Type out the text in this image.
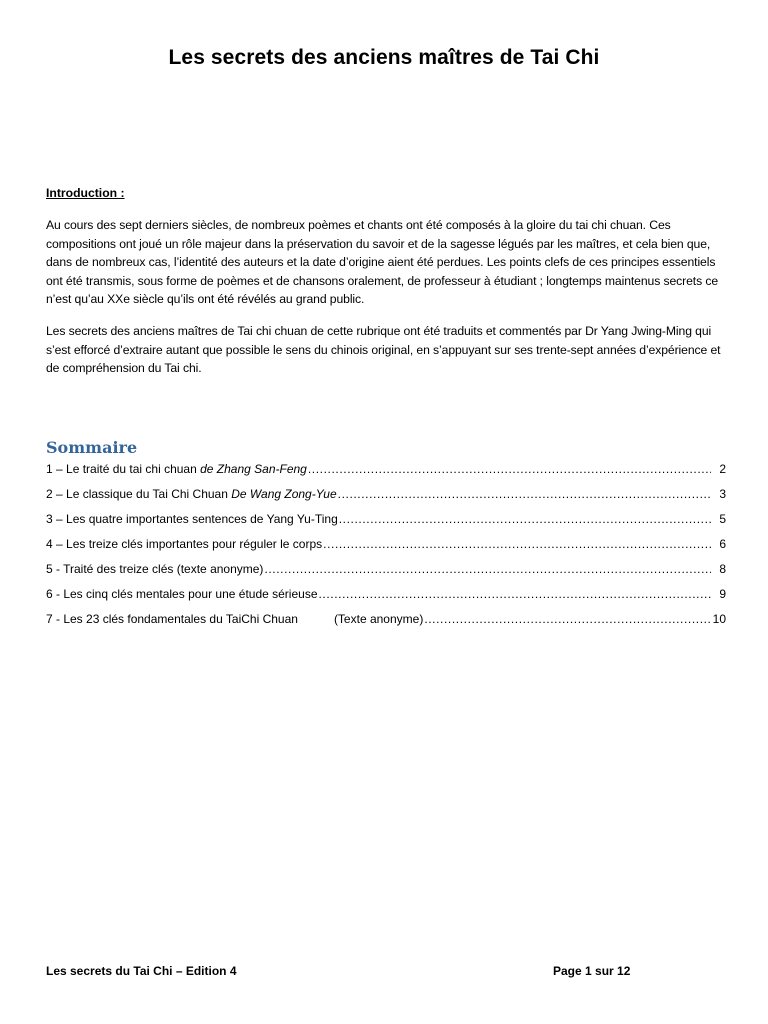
Les secrets des anciens maîtres de Tai Chi
Introduction :
Au cours des sept derniers siècles, de nombreux poèmes et chants ont été composés à la gloire du tai chi chuan. Ces compositions ont joué un rôle majeur dans la préservation du savoir et de la sagesse légués par les maîtres, et cela bien que, dans de nombreux cas, l’identité des auteurs et la date d’origine aient été perdues. Les points clefs de ces principes essentiels ont été transmis, sous forme de poèmes et de chansons oralement, de professeur à étudiant ; longtemps maintenus secrets ce n’est qu’au XXe siècle qu’ils ont été révélés au grand public.
Les secrets des anciens maîtres de Tai chi chuan de cette rubrique ont été traduits et commentés par Dr Yang Jwing-Ming qui s’est efforcé d’extraire autant que possible le sens du chinois original, en s’appuyant sur ses trente-sept années d’expérience et de compréhension du Tai chi.
Sommaire
1 – Le traité du tai chi chuan de Zhang San-Feng .....	2
2 – Le classique du Tai Chi Chuan De Wang Zong-Yue .....	3
3 – Les quatre importantes sentences de Yang Yu-Ting .....	5
4 – Les treize clés importantes pour réguler le corps .....	6
5 - Traité des treize clés (texte anonyme) .....	8
6 - Les cinq clés mentales pour une étude sérieuse .....	9
7 - Les 23 clés fondamentales du TaiChi Chuan	(Texte anonyme) .....	10
Les secrets du Tai Chi – Edition 4	Page 1 sur 12
